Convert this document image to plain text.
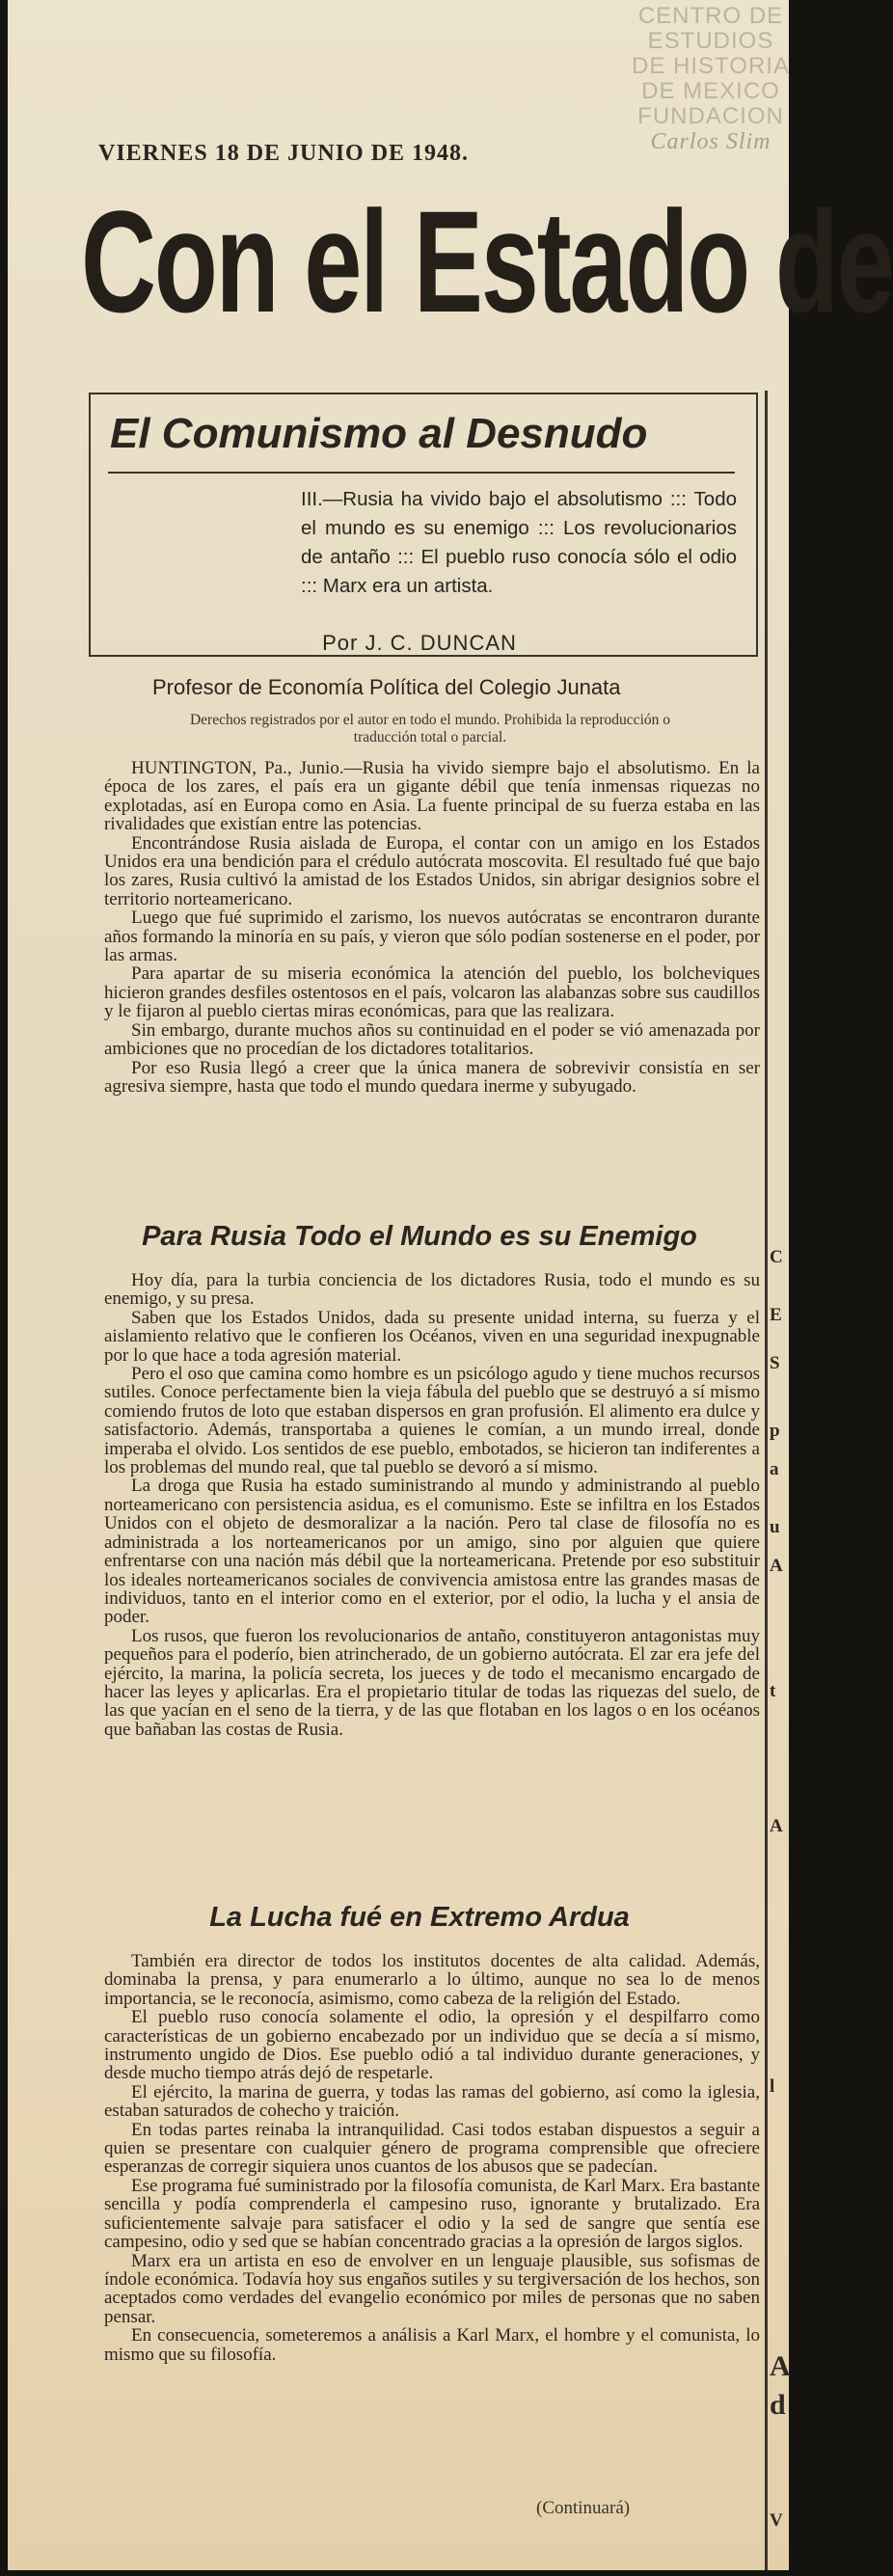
CENTRO DE
ESTUDIOS
DE HISTORIA
DE MEXICO
FUNDACION
Carlos Slim
VIERNES 18 DE JUNIO DE 1948.
Con el Estado de
El Comunismo al Desnudo
III.—Rusia ha vivido bajo el absolutismo ::: Todo el mundo es su enemigo ::: Los revolucionarios de antaño ::: El pueblo ruso conocía sólo el odio ::: Marx era un artista.
Por J. C. DUNCAN
Profesor de Economía Política del Colegio Junata
Derechos registrados por el autor en todo el mundo. Prohibida la reproducción o traducción total o parcial.

HUNTINGTON, Pa., Junio.—Rusia ha vivido siempre bajo el absolutismo. En la época de los zares, el país era un gigante débil que tenía inmensas riquezas no explotadas, así en Europa como en Asia. La fuente principal de su fuerza estaba en las rivalidades que existían entre las potencias.

Encontrándose Rusia aislada de Europa, el contar con un amigo en los Estados Unidos era una bendición para el crédulo autócrata moscovita. El resultado fué que bajo los zares, Rusia cultivó la amistad de los Estados Unidos, sin abrigar designios sobre el territorio norteamericano.

Luego que fué suprimido el zarismo, los nuevos autócratas se encontraron durante años formando la minoría en su país, y vieron que sólo podían sostenerse en el poder, por las armas.

Para apartar de su miseria económica la atención del pueblo, los bolcheviques hicieron grandes desfiles ostentosos en el país, volcaron las alabanzas sobre sus caudillos y le fijaron al pueblo ciertas miras económicas, para que las realizara.

Sin embargo, durante muchos años su continuidad en el poder se vió amenazada por ambiciones que no procedían de los dictadores totalitarios.

Por eso Rusia llegó a creer que la única manera de sobrevivir consistía en ser agresiva siempre, hasta que todo el mundo quedara inerme y subyugado.

Para Rusia Todo el Mundo es su Enemigo

Hoy día, para la turbia conciencia de los dictadores Rusia, todo el mundo es su enemigo, y su presa.

Saben que los Estados Unidos, dada su presente unidad interna, su fuerza y el aislamiento relativo que le confieren los Océanos, viven en una seguridad inexpugnable por lo que hace a toda agresión material.

Pero el oso que camina como hombre es un psicólogo agudo y tiene muchos recursos sutiles. Conoce perfectamente bien la vieja fábula del pueblo que se destruyó a sí mismo comiendo frutos de loto que estaban dispersos en gran profusión. El alimento era dulce y satisfactorio. Además, transportaba a quienes le comían, a un mundo irreal, donde imperaba el olvido. Los sentidos de ese pueblo, embotados, se hicieron tan indiferentes a los problemas del mundo real, que tal pueblo se devoró a sí mismo.

La droga que Rusia ha estado suministrando al mundo y administrando al pueblo norteamericano con persistencia asidua, es el comunismo. Este se infiltra en los Estados Unidos con el objeto de desmoralizar a la nación. Pero tal clase de filosofía no es administrada a los norteamericanos por un amigo, sino por alguien que quiere enfrentarse con una nación más débil que la norteamericana. Pretende por eso substituir los ideales norteamericanos sociales de convivencia amistosa entre las grandes masas de individuos, tanto en el interior como en el exterior, por el odio, la lucha y el ansia de poder.

Los rusos, que fueron los revolucionarios de antaño, constituyeron antagonistas muy pequeños para el poderío, bien atrincherado, de un gobierno autócrata. El zar era jefe del ejército, la marina, la policía secreta, los jueces y de todo el mecanismo encargado de hacer las leyes y aplicarlas. Era el propietario titular de todas las riquezas del suelo, de las que yacían en el seno de la tierra, y de las que flotaban en los lagos o en los océanos que bañaban las costas de Rusia.

La Lucha fué en Extremo Ardua

También era director de todos los institutos docentes de alta calidad. Además, dominaba la prensa, y para enumerarlo a lo último, aunque no sea lo de menos importancia, se le reconocía, asimismo, como cabeza de la religión del Estado.

El pueblo ruso conocía solamente el odio, la opresión y el despilfarro como características de un gobierno encabezado por un individuo que se decía a sí mismo, instrumento ungido de Dios. Ese pueblo odió a tal individuo durante generaciones, y desde mucho tiempo atrás dejó de respetarle.

El ejército, la marina de guerra, y todas las ramas del gobierno, así como la iglesia, estaban saturados de cohecho y traición.

En todas partes reinaba la intranquilidad. Casi todos estaban dispuestos a seguir a quien se presentare con cualquier género de programa comprensible que ofreciere esperanzas de corregir siquiera unos cuantos de los abusos que se padecían.

Ese programa fué suministrado por la filosofía comunista, de Karl Marx. Era bastante sencilla y podía comprenderla el campesino ruso, ignorante y brutalizado. Era suficientemente salvaje para satisfacer el odio y la sed de sangre que sentía ese campesino, odio y sed que se habían concentrado gracias a la opresión de largos siglos.

Marx era un artista en eso de envolver en un lenguaje plausible, sus sofismas de índole económica. Todavía hoy sus engaños sutiles y su tergiversación de los hechos, son aceptados como verdades del evangelio económico por miles de personas que no saben pensar.

En consecuencia, someteremos a análisis a Karl Marx, el hombre y el comunista, lo mismo que su filosofía.

(Continuará)
C
E
S
p
a
u
A
t
A
l
A
d
V
